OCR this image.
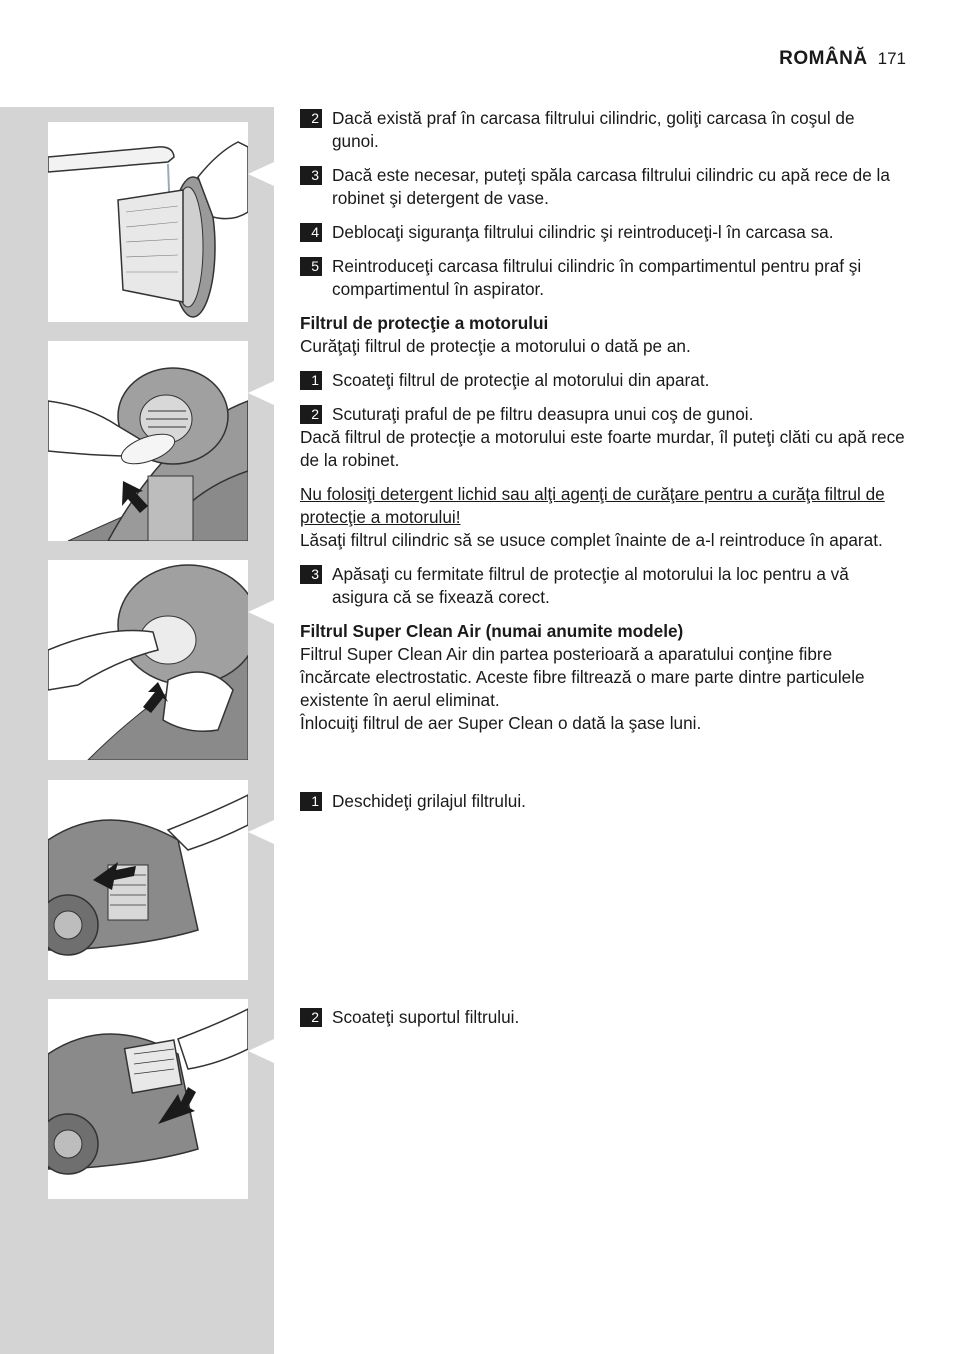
ROMÂNĂ 171
2 Dacă există praf în carcasa filtrului cilindric, goliţi carcasa în coşul de gunoi.
3 Dacă este necesar, puteţi spăla carcasa filtrului cilindric cu apă rece de la robinet şi detergent de vase.
4 Deblocaţi siguranţa filtrului cilindric şi reintroduceţi-l în carcasa sa.
5 Reintroduceţi carcasa filtrului cilindric în compartimentul pentru praf şi compartimentul în aspirator.
Filtrul de protecţie a motorului
Curăţaţi filtrul de protecţie a motorului o dată pe an.
1 Scoateţi filtrul de protecţie al motorului din aparat.
2 Scuturaţi praful de pe filtru deasupra unui coş de gunoi.
Dacă filtrul de protecţie a motorului este foarte murdar, îl puteţi clăti cu apă rece de la robinet.
Nu folosiţi detergent lichid sau alţi agenţi de curăţare pentru a curăţa filtrul de protecţie a motorului!
Lăsaţi filtrul cilindric să se usuce complet înainte de a-l reintroduce în aparat.
3 Apăsaţi cu fermitate filtrul de protecţie al motorului la loc pentru a vă asigura că se fixează corect.
Filtrul Super Clean Air (numai anumite modele)
Filtrul Super Clean Air din partea posterioară a aparatului conţine fibre încărcate electrostatic. Aceste fibre filtrează o mare parte dintre particulele existente în aerul eliminat.
Înlocuiţi filtrul de aer Super Clean o dată la şase luni.
1 Deschideţi grilajul filtrului.
2 Scoateţi suportul filtrului.
